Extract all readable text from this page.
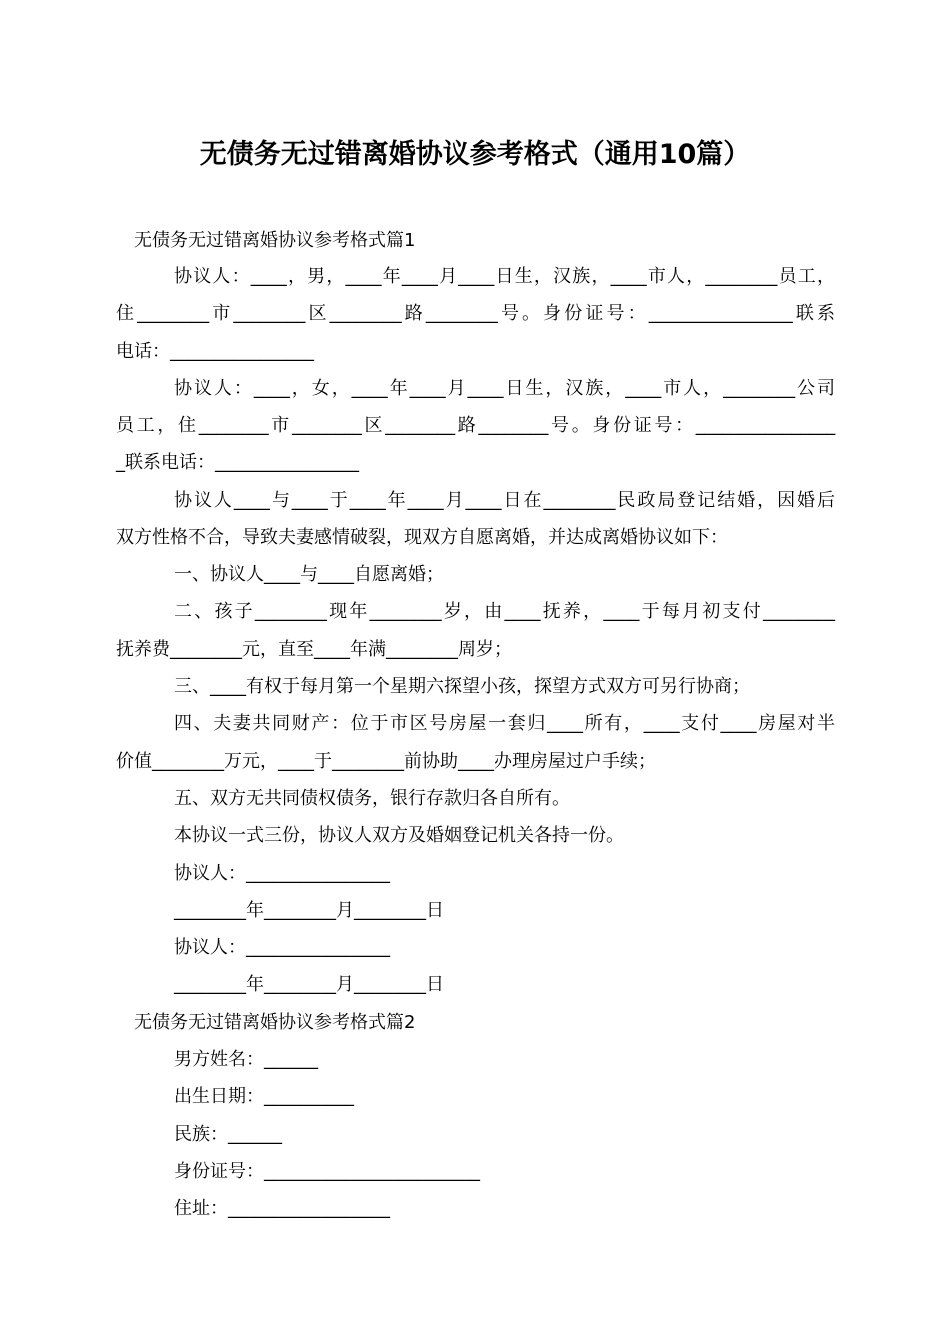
无债务无过错离婚协议参考格式（通用10篇）
无债务无过错离婚协议参考格式篇1
协议人：____，男，____年____月____日生，汉族，____市人，________员工，
住________市________区________路________号。身份证号：________________联系
电话：________________
协议人：____，女，____年____月____日生，汉族，____市人，________公司
员工，住________市________区________路________号。身份证号：________________
_联系电话：________________
协议人____与____于____年____月____日在________民政局登记结婚，因婚后
双方性格不合，导致夫妻感情破裂，现双方自愿离婚，并达成离婚协议如下：
一、协议人____与____自愿离婚；
二、孩子________现年________岁，由____抚养，____于每月初支付________
抚养费________元，直至____年满________周岁；
三、____有权于每月第一个星期六探望小孩，探望方式双方可另行协商；
四、夫妻共同财产：位于市区号房屋一套归____所有，____支付____房屋对半
价值________万元，____于________前协助____办理房屋过户手续；
五、双方无共同债权债务，银行存款归各自所有。
本协议一式三份，协议人双方及婚姻登记机关各持一份。
协议人：________________
________年________月________日
协议人：________________
________年________月________日
无债务无过错离婚协议参考格式篇2
男方姓名：______
出生日期：__________
民族：______
身份证号：________________________
住址：__________________
